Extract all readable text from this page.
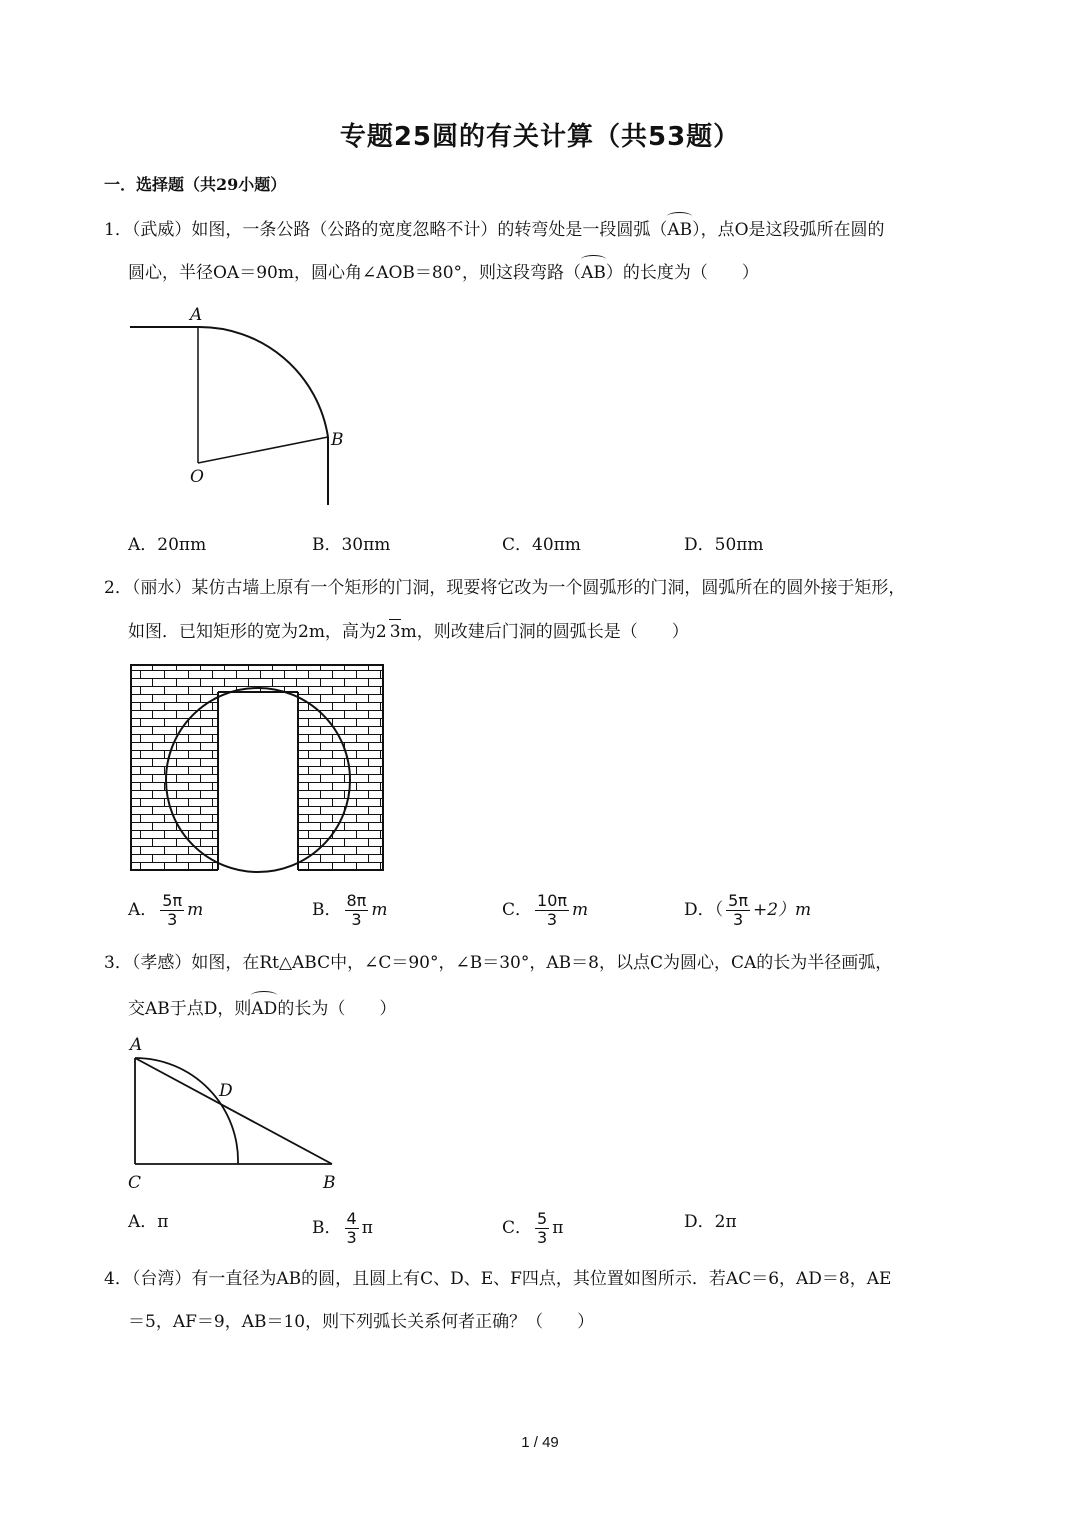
专题25圆的有关计算（共53题）
一．选择题（共29小题）
1．（武威）如图，一条公路（公路的宽度忽略不计）的转弯处是一段圆弧（AB），点O是这段弧所在圆的
圆心，半径OA＝90m，圆心角∠AOB＝80°，则这段弯路（AB）的长度为（　　）
A
B
O
A．20πm	B．30πm	C．40πm	D．50πm
2．（丽水）某仿古墙上原有一个矩形的门洞，现要将它改为一个圆弧形的门洞，圆弧所在的圆外接于矩形，
如图．已知矩形的宽为2m，高为2 3m，则改建后门洞的圆弧长是（　　）
A． $\frac{5\pi}{3}$ m	B． $\frac{8\pi}{3}$ m	C． $\frac{10\pi}{3}$ m	D．（ $\frac{5\pi}{3} +2)m$
3．（孝感）如图，在Rt△ABC中，∠C＝90°，∠B＝30°，AB＝8，以点C为圆心，CA的长为半径画弧，
交AB于点D，则AD的长为（　　）
A
D
C	B
A．π	B． $\frac{4}{3}$ π	C． $\frac{5}{3}$ π	D．2π
4．（台湾）有一直径为AB的圆，且圆上有C、D、E、F四点，其位置如图所示．若AC＝6，AD＝8，AE
＝5，AF＝9，AB＝10，则下列弧长关系何者正确？（　　）
1 / 49
